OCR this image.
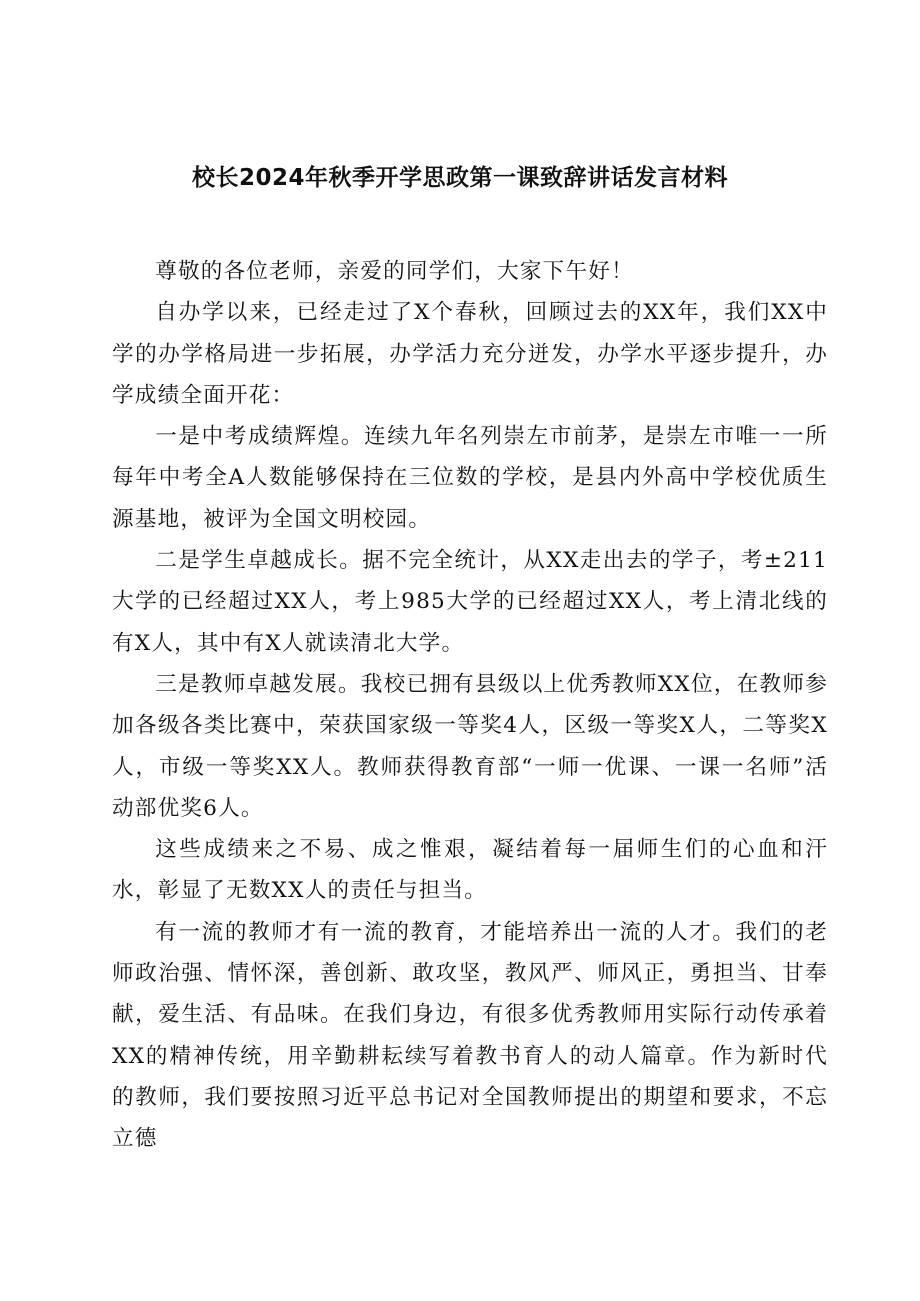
校长2024年秋季开学思政第一课致辞讲话发言材料

尊敬的各位老师，亲爱的同学们，大家下午好！

自办学以来，已经走过了X个春秋，回顾过去的XX年，我们XX中学的办学格局进一步拓展，办学活力充分迸发，办学水平逐步提升，办学成绩全面开花：

一是中考成绩辉煌。连续九年名列崇左市前茅，是崇左市唯一一所每年中考全A人数能够保持在三位数的学校，是县内外高中学校优质生源基地，被评为全国文明校园。

二是学生卓越成长。据不完全统计，从XX走出去的学子，考±211大学的已经超过XX人，考上985大学的已经超过XX人，考上清北线的有X人，其中有X人就读清北大学。

三是教师卓越发展。我校已拥有县级以上优秀教师XX位，在教师参加各级各类比赛中，荣获国家级一等奖4人，区级一等奖X人，二等奖X人，市级一等奖XX人。教师获得教育部“一师一优课、一课一名师”活动部优奖6人。

这些成绩来之不易、成之惟艰，凝结着每一届师生们的心血和汗水，彰显了无数XX人的责任与担当。

有一流的教师才有一流的教育，才能培养出一流的人才。我们的老师政治强、情怀深，善创新、敢攻坚，教风严、师风正，勇担当、甘奉献，爱生活、有品味。在我们身边，有很多优秀教师用实际行动传承着XX的精神传统，用辛勤耕耘续写着教书育人的动人篇章。作为新时代的教师，我们要按照习近平总书记对全国教师提出的期望和要求，不忘立德
